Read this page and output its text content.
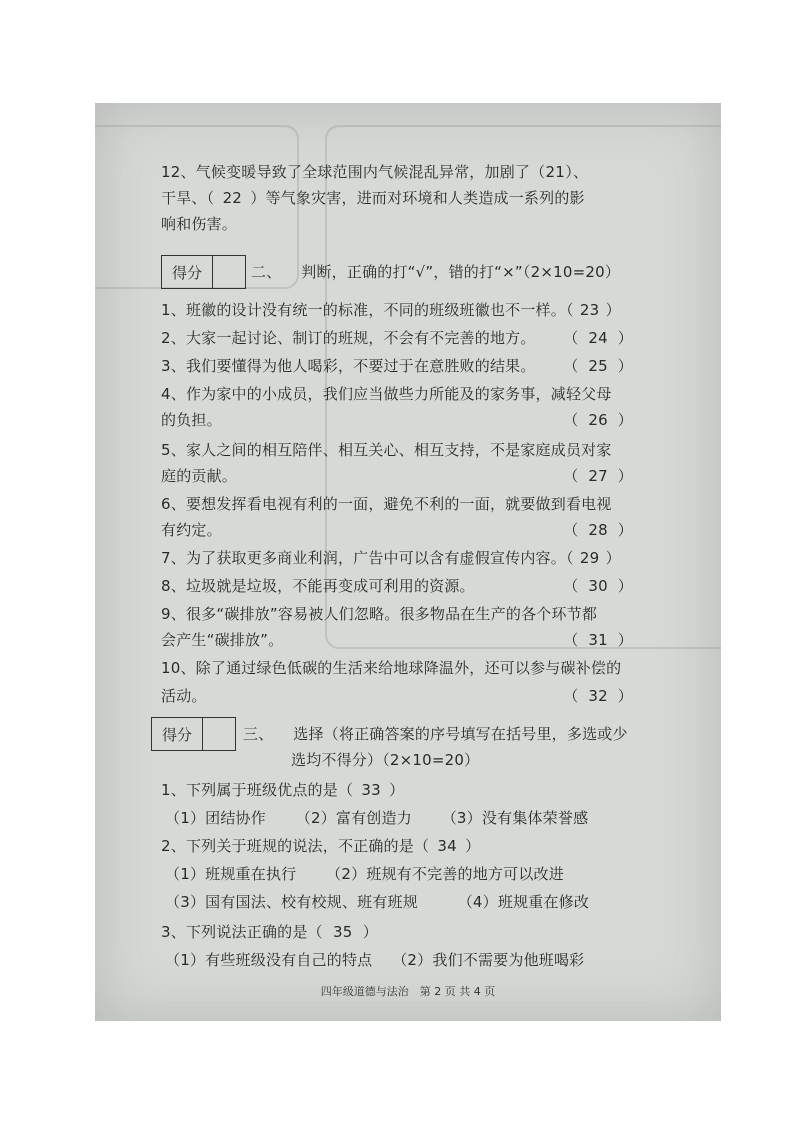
12、气候变暖导致了全球范围内气候混乱异常，加剧了（21）、
干旱、（ 22 ）等气象灾害，进而对环境和人类造成一系列的影
响和伤害。
得分	二、 判断，正确的打“√”，错的打“×”（2×10=20）
1、班徽的设计没有统一的标准，不同的班级班徽也不一样。（ 23 ）
2、大家一起讨论、制订的班规，不会有不完善的地方。 （  24  ）
3、我们要懂得为他人喝彩，不要过于在意胜败的结果。 （  25  ）
4、作为家中的小成员，我们应当做些力所能及的家务事，减轻父母
的负担。	（  26  ）
5、家人之间的相互陪伴、相互关心、相互支持，不是家庭成员对家
庭的贡献。	（  27  ）
6、要想发挥看电视有利的一面，避免不利的一面，就要做到看电视
有约定。	（  28  ）
7、为了获取更多商业利润，广告中可以含有虚假宣传内容。（ 29 ）
8、垃圾就是垃圾，不能再变成可利用的资源。	（  30  ）
9、很多“碳排放”容易被人们忽略。很多物品在生产的各个环节都
会产生“碳排放”。	（  31  ）
10、除了通过绿色低碳的生活来给地球降温外，还可以参与碳补偿的
活动。	（  32  ）
得分	三、 选择（将正确答案的序号填写在括号里，多选或少
选均不得分）（2×10=20）
1、下列属于班级优点的是（ 33 ）
（1）团结协作 （2）富有创造力 （3）没有集体荣誉感
2、下列关于班规的说法，不正确的是（ 34 ）
（1）班规重在执行 （2）班规有不完善的地方可以改进
（3）国有国法、校有校规、班有班规	（4）班规重在修改
3、下列说法正确的是（ 35 ）
（1）有些班级没有自己的特点 （2）我们不需要为他班喝彩
四年级道德与法治　第 2 页 共 4 页
